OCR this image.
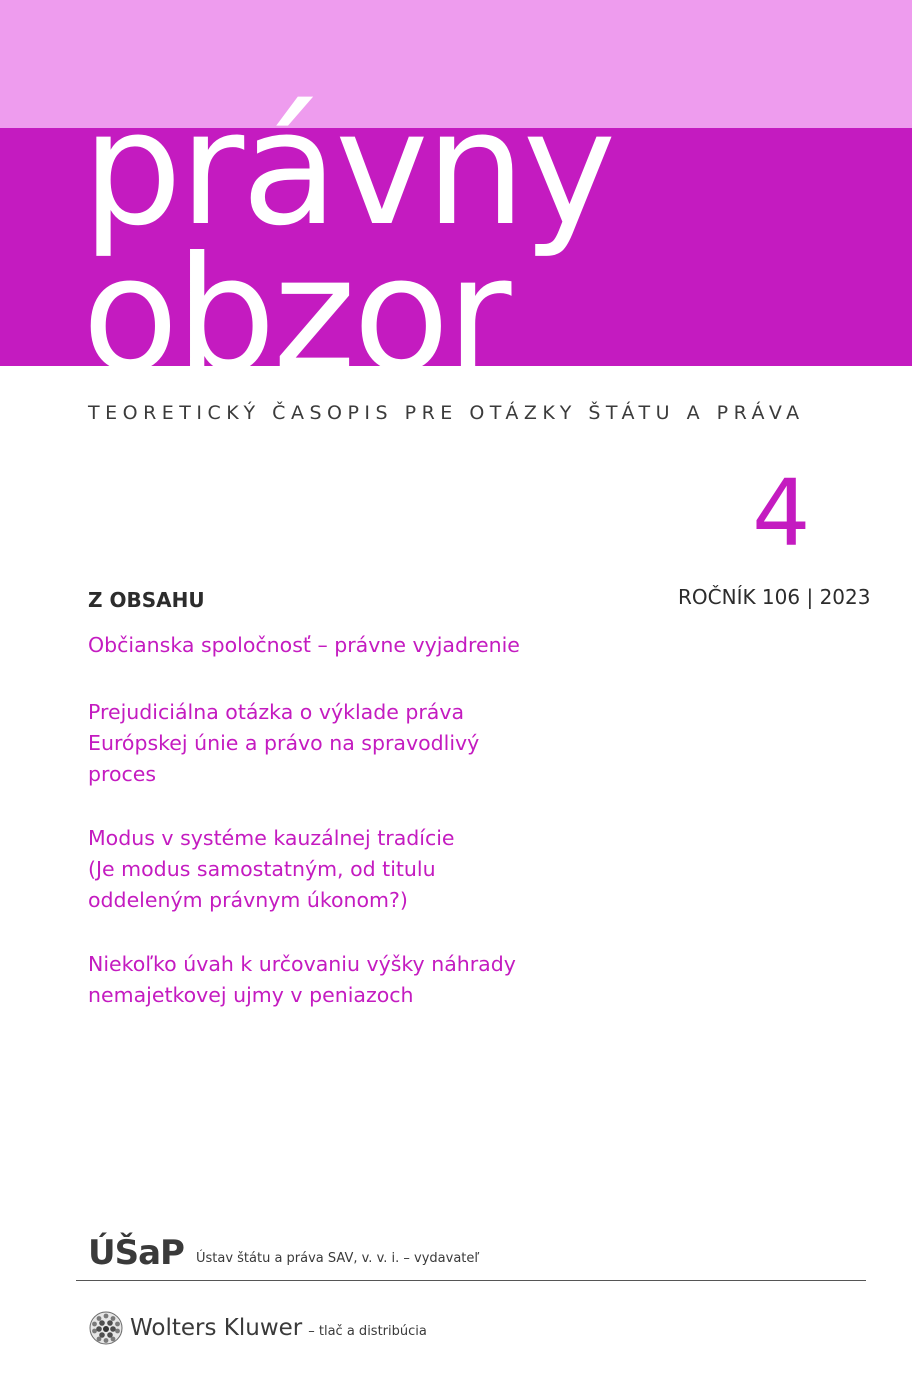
právny
obzor
TEORETICKÝ ČASOPIS PRE OTÁZKY ŠTÁTU A PRÁVA
4
ROČNÍK 106 | 2023
Z OBSAHU
Občianska spoločnosť – právne vyjadrenie
Prejudiciálna otázka o výklade práva
Európskej únie a právo na spravodlivý
proces
Modus v systéme kauzálnej tradície
(Je modus samostatným, od titulu
oddeleným právnym úkonom?)
Niekoľko úvah k určovaniu výšky náhrady
nemajetkovej ujmy v peniazoch
ÚŠaP Ústav štátu a práva SAV, v. v. i. – vydavateľ
Wolters Kluwer – tlač a distribúcia
